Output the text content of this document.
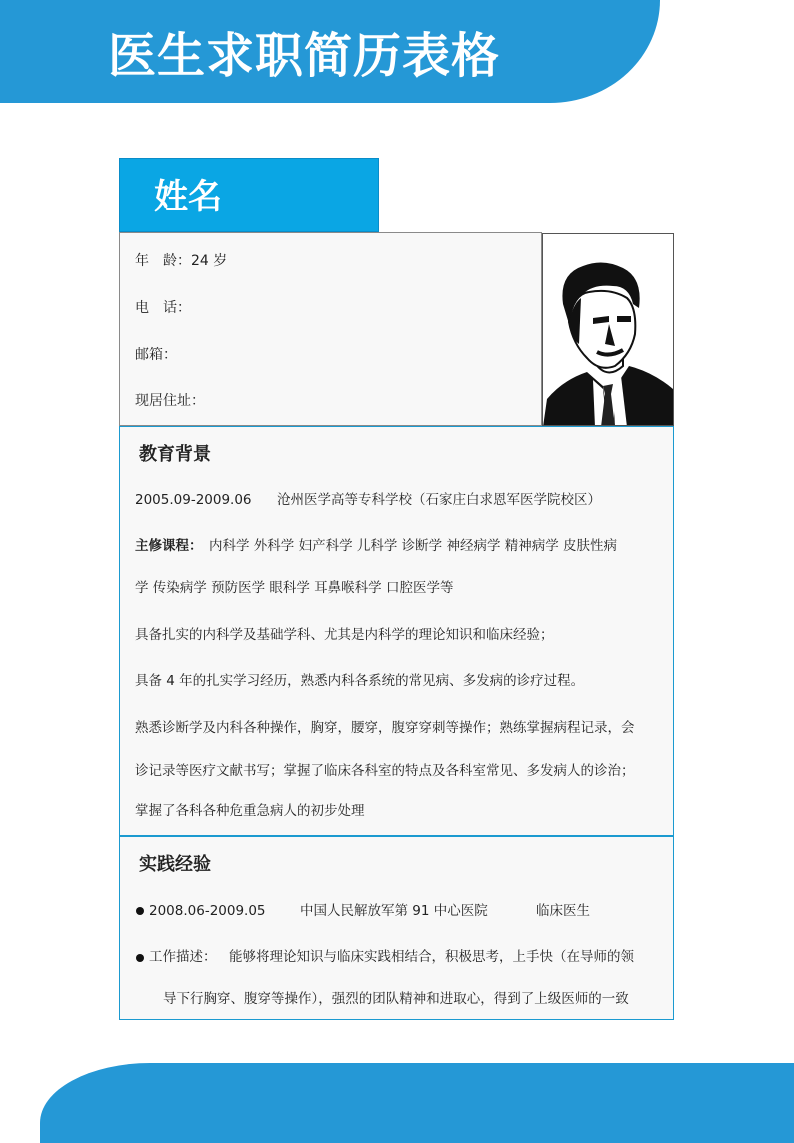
医生求职简历表格
姓名
年　龄：24 岁
电　话：
邮箱：
现居住址：
教育背景
2005.09-2009.06 沧州医学高等专科学校（石家庄白求恩军医学院校区）
主修课程： 内科学 外科学 妇产科学 儿科学 诊断学 神经病学 精神病学 皮肤性病
学 传染病学 预防医学 眼科学 耳鼻喉科学 口腔医学等
具备扎实的内科学及基础学科、尤其是内科学的理论知识和临床经验；
具备 4 年的扎实学习经历，熟悉内科各系统的常见病、多发病的诊疗过程。
熟悉诊断学及内科各种操作，胸穿，腰穿，腹穿穿刺等操作；熟练掌握病程记录，会
诊记录等医疗文献书写；掌握了临床各科室的特点及各科室常见、多发病人的诊治；
掌握了各科各种危重急病人的初步处理
实践经验
2008.06-2009.05	中国人民解放军第 91 中心医院	临床医生
工作描述： 能够将理论知识与临床实践相结合，积极思考，上手快（在导师的领
导下行胸穿、腹穿等操作），强烈的团队精神和进取心，得到了上级医师的一致
